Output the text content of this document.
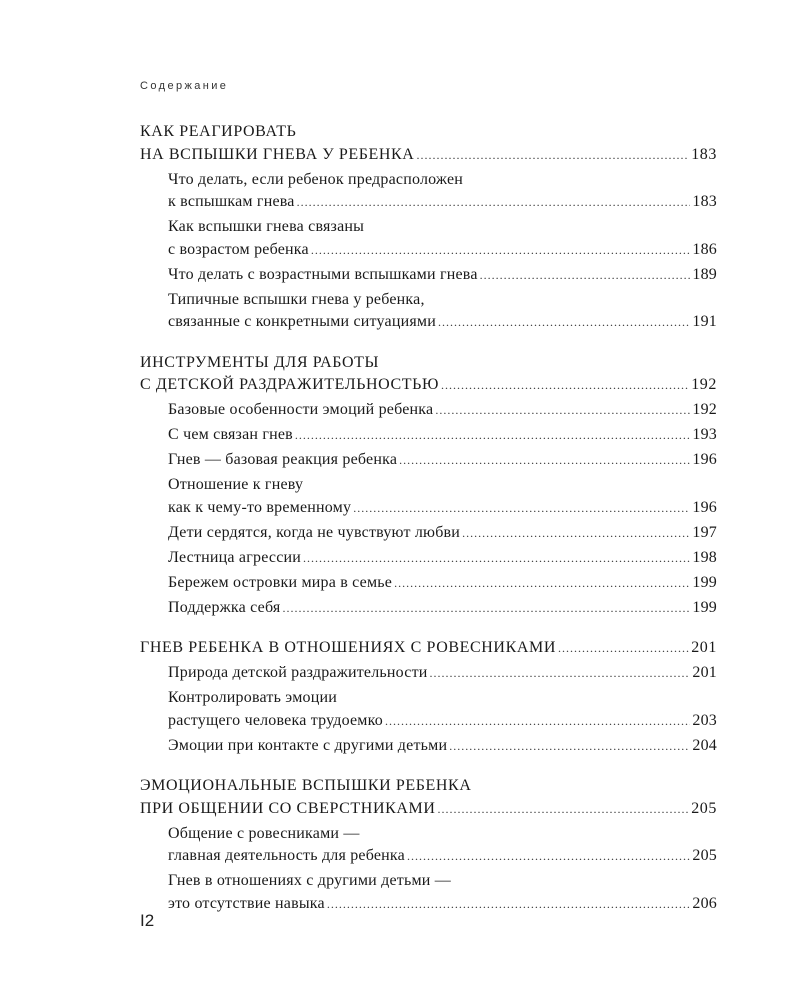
Содержание
КАК РЕАГИРОВАТЬ
НА ВСПЫШКИ ГНЕВА У РЕБЕНКА .....	183
Что делать, если ребенок предрасположен
к вспышкам гнева .....	183
Как вспышки гнева связаны
с возрастом ребенка .....	186
Что делать с возрастными вспышками гнева .....	189
Типичные вспышки гнева у ребенка,
связанные с конкретными ситуациями .....	191
ИНСТРУМЕНТЫ ДЛЯ РАБОТЫ
С ДЕТСКОЙ РАЗДРАЖИТЕЛЬНОСТЬЮ .....	192
Базовые особенности эмоций ребенка .....	192
С чем связан гнев .....	193
Гнев — базовая реакция ребенка .....	196
Отношение к гневу
как к чему-то временному .....	196
Дети сердятся, когда не чувствуют любви .....	197
Лестница агрессии .....	198
Бережем островки мира в семье .....	199
Поддержка себя .....	199
ГНЕВ РЕБЕНКА В ОТНОШЕНИЯХ С РОВЕСНИКАМИ .....	201
Природа детской раздражительности .....	201
Контролировать эмоции
растущего человека трудоемко .....	203
Эмоции при контакте с другими детьми .....	204
ЭМОЦИОНАЛЬНЫЕ ВСПЫШКИ РЕБЕНКА
ПРИ ОБЩЕНИИ СО СВЕРСТНИКАМИ .....	205
Общение с ровесниками —
главная деятельность для ребенка .....	205
Гнев в отношениях с другими детьми —
это отсутствие навыка .....	206
I2
